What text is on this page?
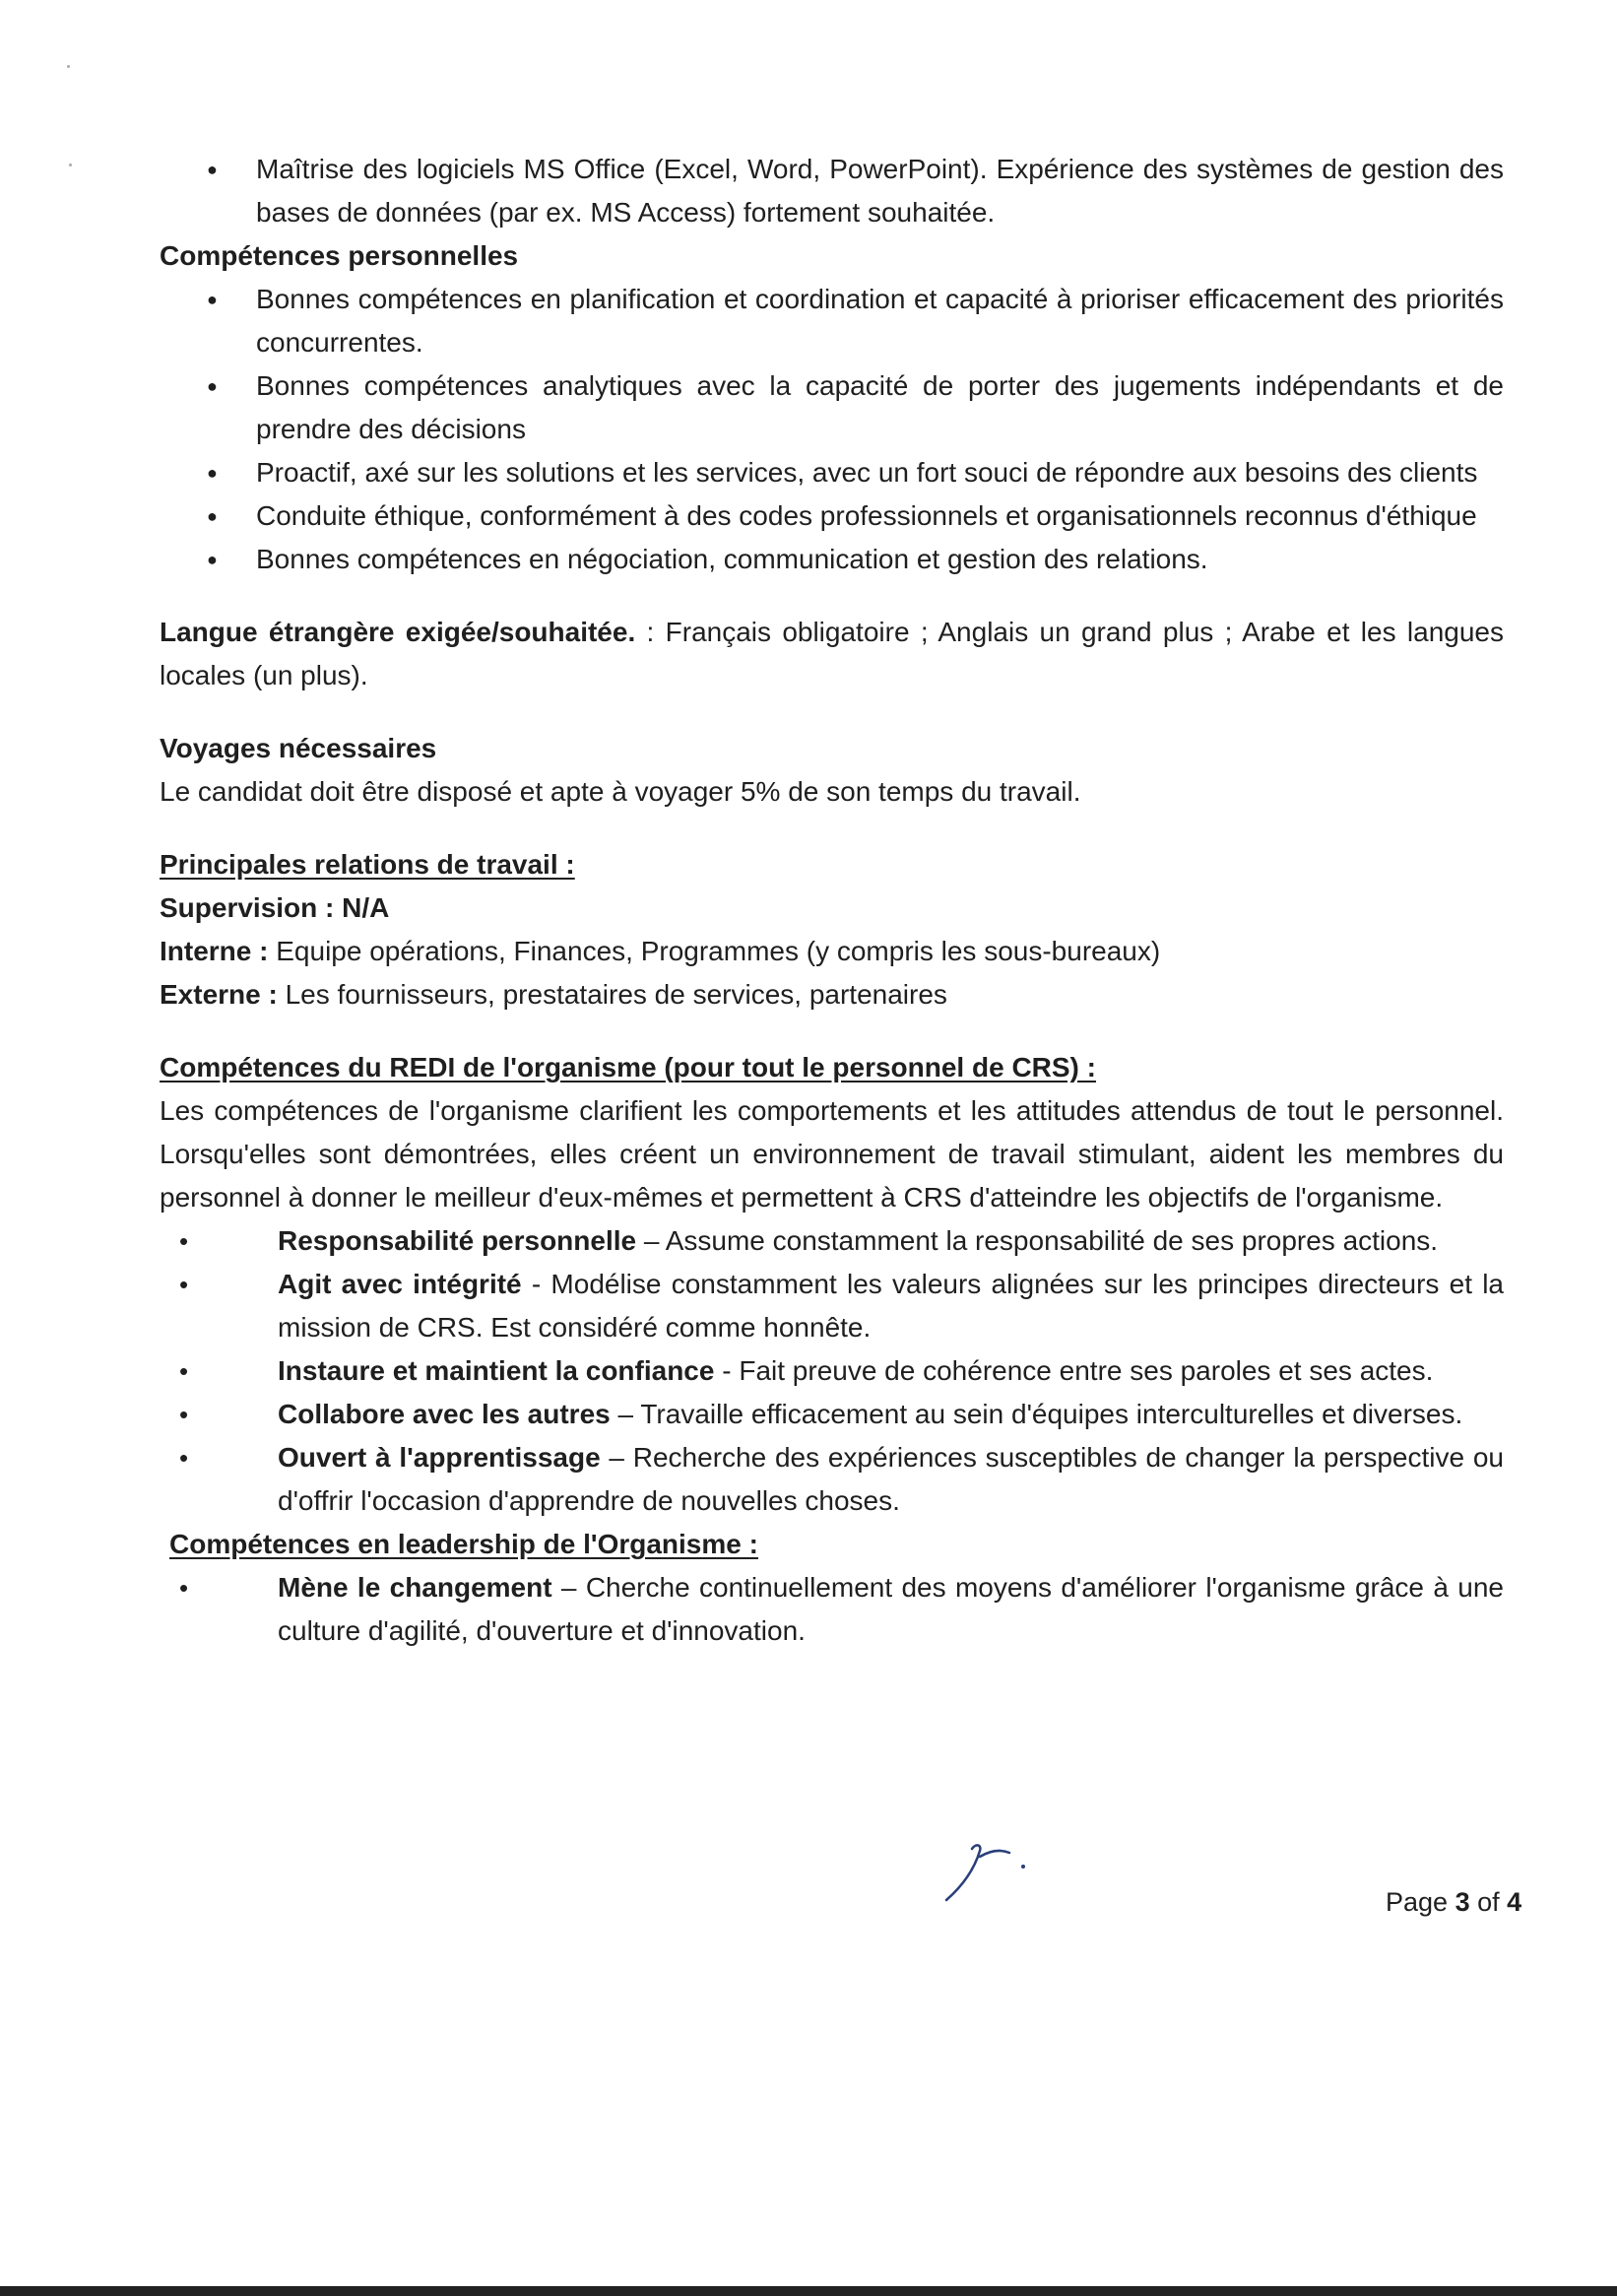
● Maîtrise des logiciels MS Office (Excel, Word, PowerPoint). Expérience des systèmes de gestion des bases de données (par ex. MS Access) fortement souhaitée.
Compétences personnelles
● Bonnes compétences en planification et coordination et capacité à prioriser efficacement des priorités concurrentes.
● Bonnes compétences analytiques avec la capacité de porter des jugements indépendants et de prendre des décisions
● Proactif, axé sur les solutions et les services, avec un fort souci de répondre aux besoins des clients
● Conduite éthique, conformément à des codes professionnels et organisationnels reconnus d'éthique
● Bonnes compétences en négociation, communication et gestion des relations.

Langue étrangère exigée/souhaitée. : Français obligatoire ; Anglais un grand plus ; Arabe et les langues locales (un plus).

Voyages nécessaires

Le candidat doit être disposé et apte à voyager 5% de son temps du travail.

Principales relations de travail :
Supervision : N/A

Interne : Equipe opérations, Finances, Programmes (y compris les sous-bureaux)

Externe : Les fournisseurs, prestataires de services, partenaires

Compétences du REDI de l'organisme (pour tout le personnel de CRS) :

Les compétences de l'organisme clarifient les comportements et les attitudes attendus de tout le personnel. Lorsqu'elles sont démontrées, elles créent un environnement de travail stimulant, aident les membres du personnel à donner le meilleur d'eux-mêmes et permettent à CRS d'atteindre les objectifs de l'organisme.

• Responsabilité personnelle – Assume constamment la responsabilité de ses propres actions.
• Agit avec intégrité - Modélise constamment les valeurs alignées sur les principes directeurs et la mission de CRS. Est considéré comme honnête.
• Instaure et maintient la confiance - Fait preuve de cohérence entre ses paroles et ses actes.
• Collabore avec les autres – Travaille efficacement au sein d'équipes interculturelles et diverses.
• Ouvert à l'apprentissage – Recherche des expériences susceptibles de changer la perspective ou d'offrir l'occasion d'apprendre de nouvelles choses.
Compétences en leadership de l'Organisme :
• Mène le changement – Cherche continuellement des moyens d'améliorer l'organisme grâce à une culture d'agilité, d'ouverture et d'innovation.
Page 3 of 4
